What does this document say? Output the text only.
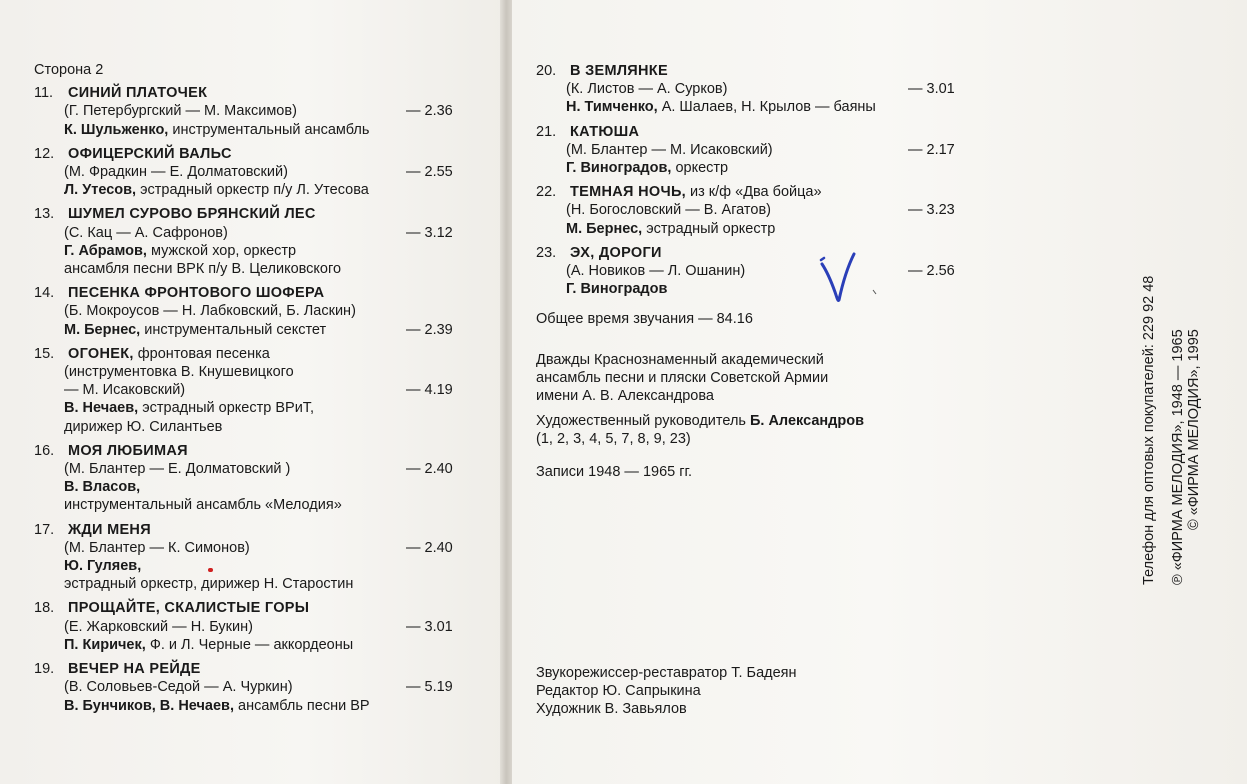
Сторона 2
11.	СИНИЙ ПЛАТОЧЕК
(Г. Петербургский — М. Максимов)	— 2.36
К. Шульженко, инструментальный ансамбль
12. ОФИЦЕРСКИЙ ВАЛЬС
(М. Фрадкин — Е. Долматовский)	— 2.55
Л. Утесов, эстрадный оркестр п/у Л. Утесова
13. ШУМЕЛ СУРОВО БРЯНСКИЙ ЛЕС
(С. Кац — А. Сафронов)	— 3.12
Г. Абрамов, мужской хор, оркестр
ансамбля песни ВРК п/у В. Целиковского
14. ПЕСЕНКА ФРОНТОВОГО ШОФЕРА
(Б. Мокроусов — Н. Лабковский, Б. Ласкин)
М. Бернес, инструментальный секстет	— 2.39
15. ОГОНЕК, фронтовая песенка
(инструментовка В. Кнушевицкого
— М. Исаковский)	— 4.19
В. Нечаев, эстрадный оркестр ВРиТ,
дирижер Ю. Силантьев
16. МОЯ ЛЮБИМАЯ
(М. Блантер — Е. Долматовский )	— 2.40
В. Власов,
инструментальный ансамбль «Мелодия»
17. ЖДИ МЕНЯ
(М. Блантер — К. Симонов)	— 2.40
Ю. Гуляев,
эстрадный оркестр, дирижер Н. Старостин
18. ПРОЩАЙТЕ, СКАЛИСТЫЕ ГОРЫ
(Е. Жарковский — Н. Букин)	— 3.01
П. Киричек, Ф. и Л. Черные — аккордеоны
19. ВЕЧЕР НА РЕЙДЕ
(В. Соловьев-Седой — А. Чуркин)	— 5.19
В. Бунчиков, В. Нечаев, ансамбль песни ВР
20. В ЗЕМЛЯНКЕ
(К. Листов — А. Сурков)	— 3.01
Н. Тимченко, А. Шалаев, Н. Крылов — баяны
21. КАТЮША
(М. Блантер — М. Исаковский)	— 2.17
Г. Виноградов, оркестр
22. ТЕМНАЯ НОЧЬ, из к/ф «Два бойца»
(Н. Богословский — В. Агатов)	— 3.23
М. Бернес, эстрадный оркестр
23. ЭХ, ДОРОГИ
(А. Новиков — Л. Ошанин)	— 2.56
Г. Виноградов
Общее время звучания — 84.16
Дважды Краснознаменный академический
ансамбль песни и пляски Советской Армии
имени А. В. Александрова
Художественный руководитель Б. Александров
(1, 2, 3, 4, 5, 7, 8, 9, 23)
Записи 1948 — 1965 гг.
Звукорежиссер-реставратор Т. Бадеян
Редактор Ю. Сапрыкина
Художник В. Завьялов
Телефон для оптовых покупателей: 229 92 48 ℗ «ФИРМА МЕЛОДИЯ», 1948 — 1965 © «ФИРМА МЕЛОДИЯ», 1995
